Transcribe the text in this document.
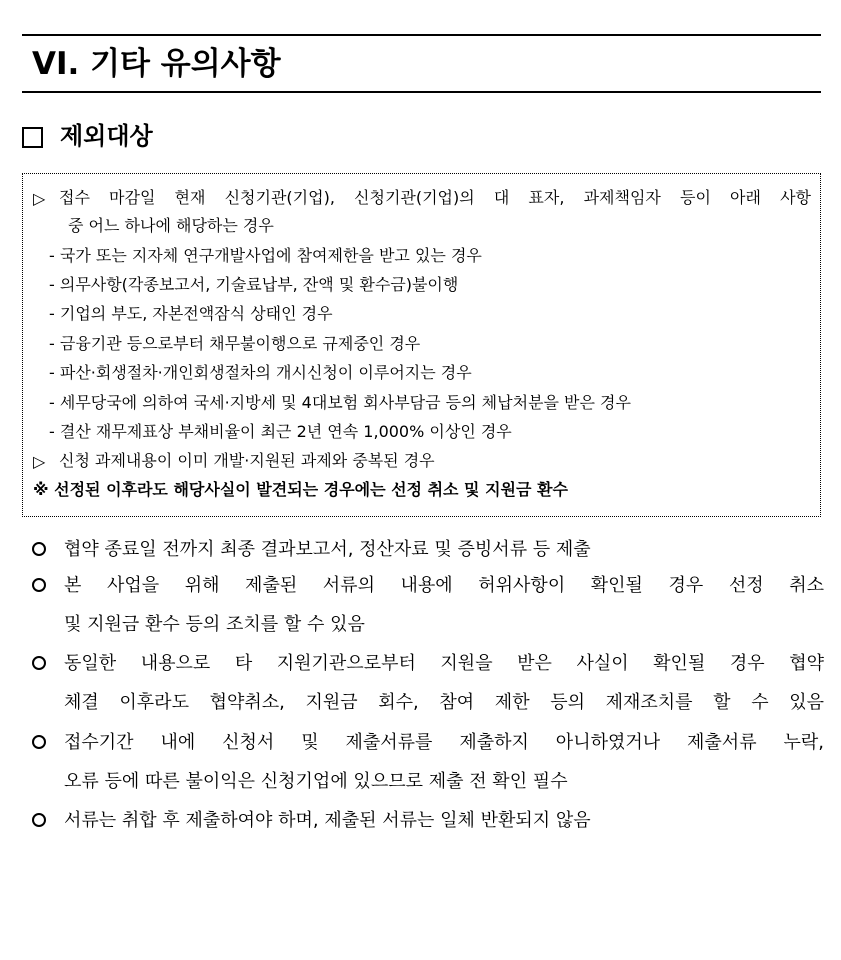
VI. 기타 유의사항
제외대상
▷ 접수 마감일 현재 신청기관(기업), 신청기관(기업)의 대 표자, 과제책임자 등이 아래 사항
중 어느 하나에 해당하는 경우
- 국가 또는 지자체 연구개발사업에 참여제한을 받고 있는 경우
- 의무사항(각종보고서, 기술료납부, 잔액 및 환수금)불이행
- 기업의 부도, 자본전액잠식 상태인 경우
- 금융기관 등으로부터 채무불이행으로 규제중인 경우
- 파산·회생절차·개인회생절차의 개시신청이 이루어지는 경우
- 세무당국에 의하여 국세·지방세 및 4대보험 회사부담금 등의 체납처분을 받은 경우
- 결산 재무제표상 부채비율이 최근 2년 연속 1,000% 이상인 경우
▷ 신청 과제내용이 이미 개발·지원된 과제와 중복된 경우
※ 선정된 이후라도 해당사실이 발견되는 경우에는 선정 취소 및 지원금 환수
협약 종료일 전까지 최종 결과보고서, 정산자료 및 증빙서류 등 제출
본 사업을 위해 제출된 서류의 내용에 허위사항이 확인될 경우 선정 취소
및 지원금 환수 등의 조치를 할 수 있음
동일한 내용으로 타 지원기관으로부터 지원을 받은 사실이 확인될 경우 협약
체결 이후라도 협약취소, 지원금 회수, 참여 제한 등의 제재조치를 할 수 있음
접수기간 내에 신청서 및 제출서류를 제출하지 아니하였거나 제출서류 누락,
오류 등에 따른 불이익은 신청기업에 있으므로 제출 전 확인 필수
서류는 취합 후 제출하여야 하며, 제출된 서류는 일체 반환되지 않음
